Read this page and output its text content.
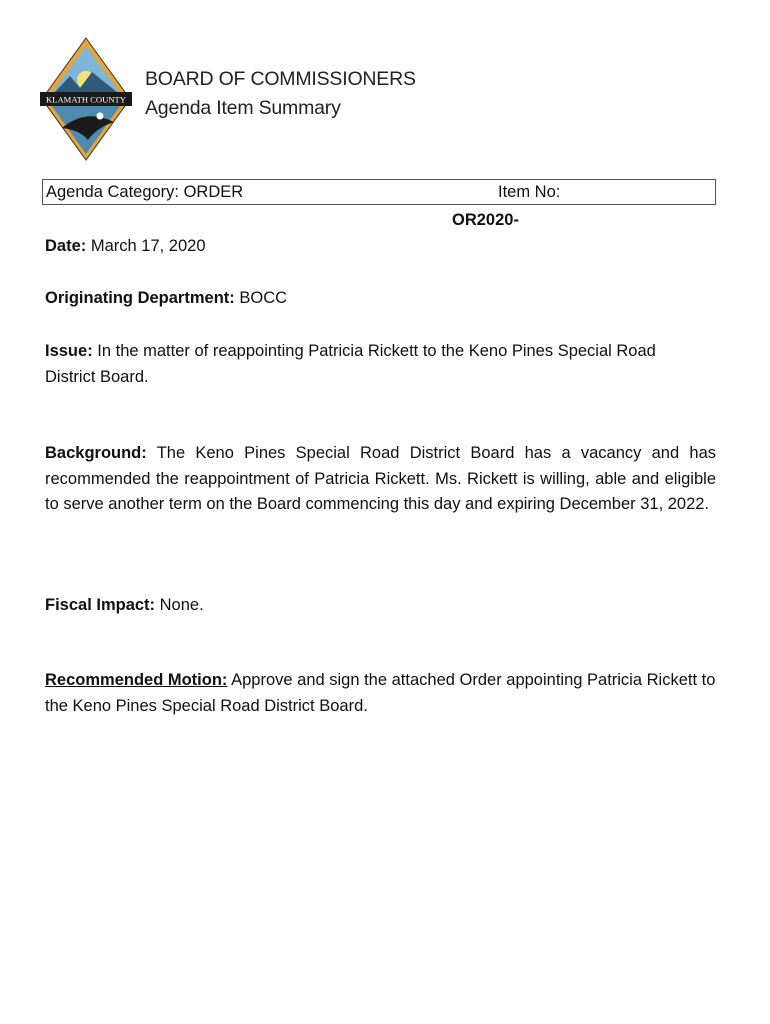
KLAMATH COUNTY
BOARD OF COMMISSIONERS
Agenda Item Summary
Agenda Category: ORDER	Item No:
OR2020-
Date: March 17, 2020
Originating Department: BOCC
Issue: In the matter of reappointing Patricia Rickett to the Keno Pines Special Road District Board.
Background: The Keno Pines Special Road District Board has a vacancy and has recommended the reappointment of Patricia Rickett. Ms. Rickett is willing, able and eligible to serve another term on the Board commencing this day and expiring December 31, 2022.
Fiscal Impact: None.
Recommended Motion: Approve and sign the attached Order appointing Patricia Rickett to the Keno Pines Special Road District Board.
